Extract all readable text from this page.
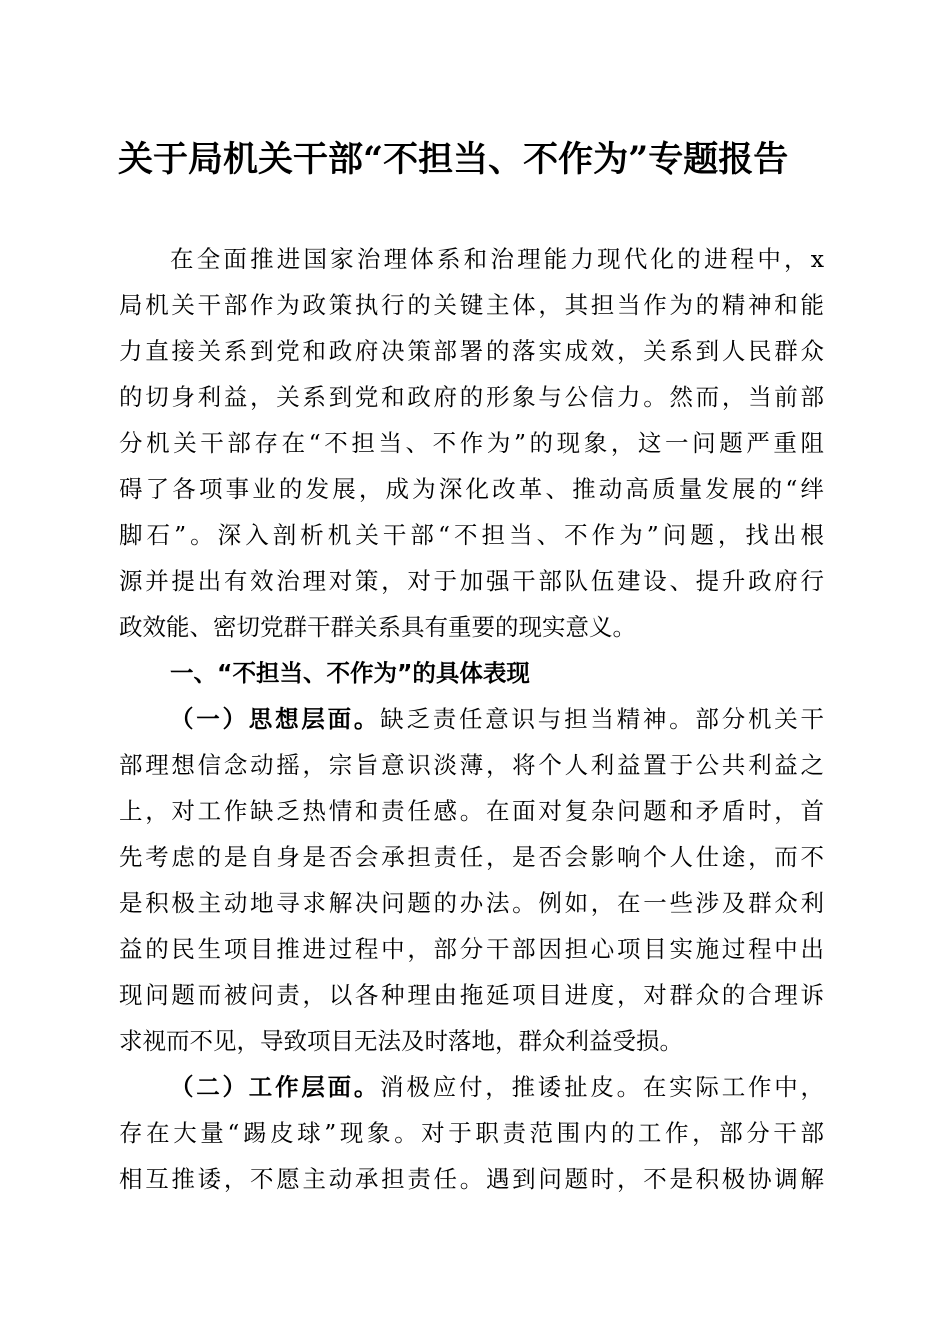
关于局机关干部“不担当、不作为”专题报告
在全面推进国家治理体系和治理能力现代化的进程中，x
局机关干部作为政策执行的关键主体，其担当作为的精神和能
力直接关系到党和政府决策部署的落实成效，关系到人民群众
的切身利益，关系到党和政府的形象与公信力。然而，当前部
分机关干部存在“不担当、不作为”的现象，这一问题严重阻
碍了各项事业的发展，成为深化改革、推动高质量发展的“绊
脚石”。深入剖析机关干部“不担当、不作为”问题，找出根
源并提出有效治理对策，对于加强干部队伍建设、提升政府行
政效能、密切党群干群关系具有重要的现实意义。
一、“不担当、不作为”的具体表现
（一）思想层面。缺乏责任意识与担当精神。部分机关干
部理想信念动摇，宗旨意识淡薄，将个人利益置于公共利益之
上，对工作缺乏热情和责任感。在面对复杂问题和矛盾时，首
先考虑的是自身是否会承担责任，是否会影响个人仕途，而不
是积极主动地寻求解决问题的办法。例如，在一些涉及群众利
益的民生项目推进过程中，部分干部因担心项目实施过程中出
现问题而被问责，以各种理由拖延项目进度，对群众的合理诉
求视而不见，导致项目无法及时落地，群众利益受损。
（二）工作层面。消极应付，推诿扯皮。在实际工作中，
存在大量“踢皮球”现象。对于职责范围内的工作，部分干部
相互推诿，不愿主动承担责任。遇到问题时，不是积极协调解
